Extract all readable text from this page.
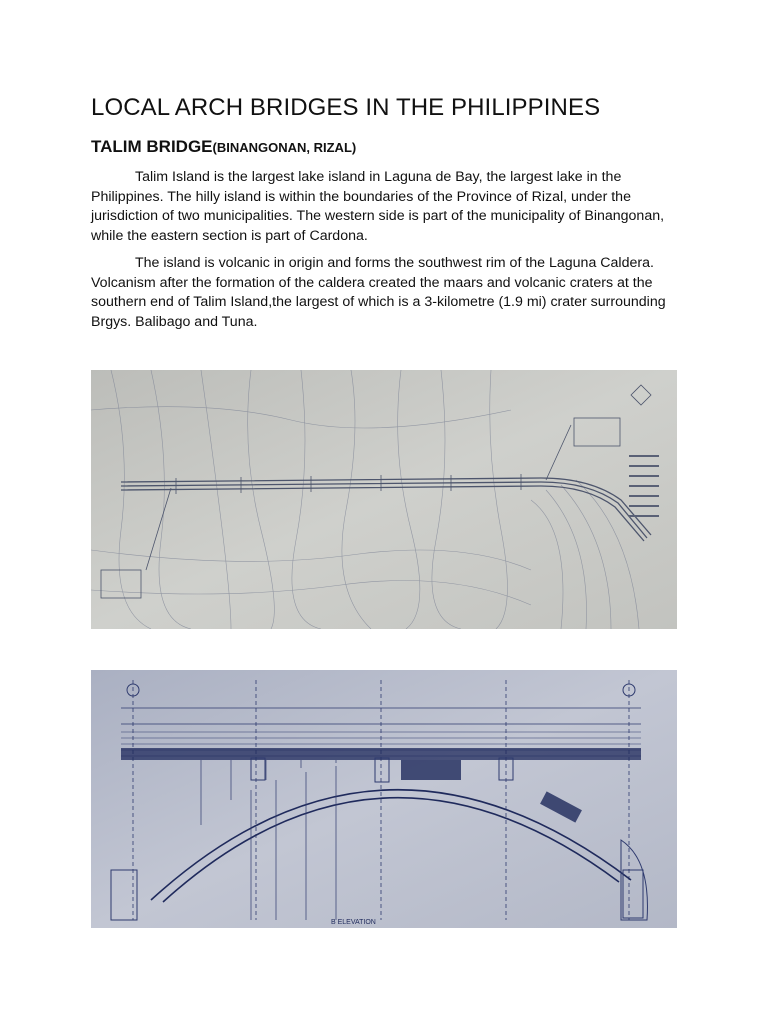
LOCAL ARCH BRIDGES IN THE PHILIPPINES
TALIM BRIDGE(BINANGONAN, RIZAL)

Talim Island is the largest lake island in Laguna de Bay, the largest lake in the Philippines. The hilly island is within the boundaries of the Province of Rizal, under the jurisdiction of two municipalities. The western side is part of the municipality of Binangonan, while the eastern section is part of Cardona.

The island is volcanic in origin and forms the southwest rim of the Laguna Caldera. Volcanism after the formation of the caldera created the maars and volcanic craters at the southern end of Talim Island,the largest of which is a 3-kilometre (1.9 mi) crater surrounding Brgys. Balibago and Tuna.

B ELEVATION
